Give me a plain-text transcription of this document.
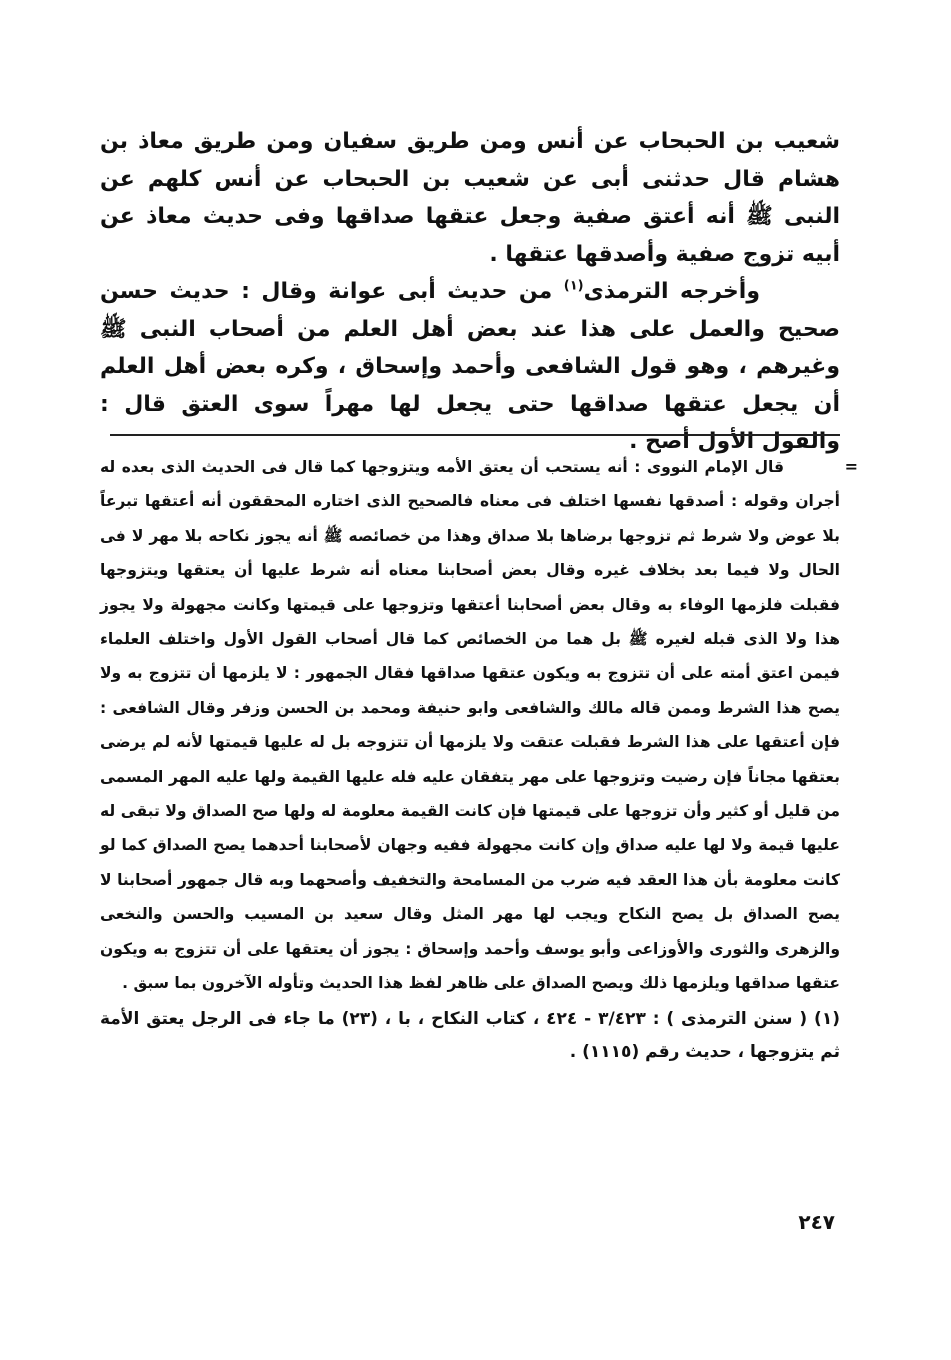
شعيب بن الحبحاب عن أنس ومن طريق سفيان ومن طريق معاذ بن هشام قال حدثنى أبى عن شعيب بن الحبحاب عن أنس كلهم عن النبى ﷺ أنه أعتق صفية وجعل عتقها صداقها وفى حديث معاذ عن أبيه تزوج صفية وأصدقها عتقها .

وأخرجه الترمذى$^{(١)}$ من حديث أبى عوانة وقال : حديث حسن صحيح والعمل على هذا عند بعض أهل العلم من أصحاب النبى ﷺ وغيرهم ، وهو قول الشافعى وأحمد وإسحاق ، وكره بعض أهل العلم أن يجعل عتقها صداقها حتى يجعل لها مهراً سوى العتق قال : والقول الأول أصح .

=
قال الإمام النووى : أنه يستحب أن يعتق الأمه ويتزوجها كما قال فى الحديث الذى بعده له أجران وقوله : أصدقها نفسها اختلف فى معناه فالصحيح الذى اختاره المحققون أنه أعتقها تبرعاً بلا عوض ولا شرط ثم تزوجها برضاها بلا صداق وهذا من خصائصه ﷺ أنه يجوز نكاحه بلا مهر لا فى الحال ولا فيما بعد بخلاف غيره وقال بعض أصحابنا معناه أنه شرط عليها أن يعتقها ويتزوجها فقبلت فلزمها الوفاء به وقال بعض أصحابنا أعتقها وتزوجها على قيمتها وكانت مجهولة ولا يجوز هذا ولا الذى قبله لغيره ﷺ بل هما من الخصائص كما قال أصحاب القول الأول واختلف العلماء فيمن اعتق أمته على أن تتزوج به ويكون عتقها صداقها فقال الجمهور : لا يلزمها أن تتزوج به ولا يصح هذا الشرط وممن قاله مالك والشافعى وابو حنيفة ومحمد بن الحسن وزفر وقال الشافعى : فإن أعتقها على هذا الشرط فقبلت عتقت ولا يلزمها أن تتزوجه بل له عليها قيمتها لأنه لم يرضى بعتقها مجاناً فإن رضيت وتزوجها على مهر يتفقان عليه فله عليها القيمة ولها عليه المهر المسمى من قليل أو كثير وأن تزوجها على قيمتها فإن كانت القيمة معلومة له ولها صح الصداق ولا تبقى له عليها قيمة ولا لها عليه صداق وإن كانت مجهولة ففيه وجهان لأصحابنا أحدهما يصح الصداق كما لو كانت معلومة بأن هذا العقد فيه ضرب من المسامحة والتخفيف وأصحهما وبه قال جمهور أصحابنا لا يصح الصداق بل يصح النكاح ويجب لها مهر المثل وقال سعيد بن المسيب والحسن والنخعى والزهرى والثورى والأوزاعى وأبو يوسف وأحمد وإسحاق : يجوز أن يعتقها على أن تتزوج به ويكون عتقها صداقها ويلزمها ذلك ويصح الصداق على ظاهر لفظ هذا الحديث وتأوله الآخرون بما سبق .

(١) ( سنن الترمذى ) : ٣/٤٢٣ - ٤٢٤ ، كتاب النكاح ، با ، (٢٣) ما جاء فى الرجل يعتق الأمة ثم يتزوجها ، حديث رقم (١١١٥) .

٢٤٧
